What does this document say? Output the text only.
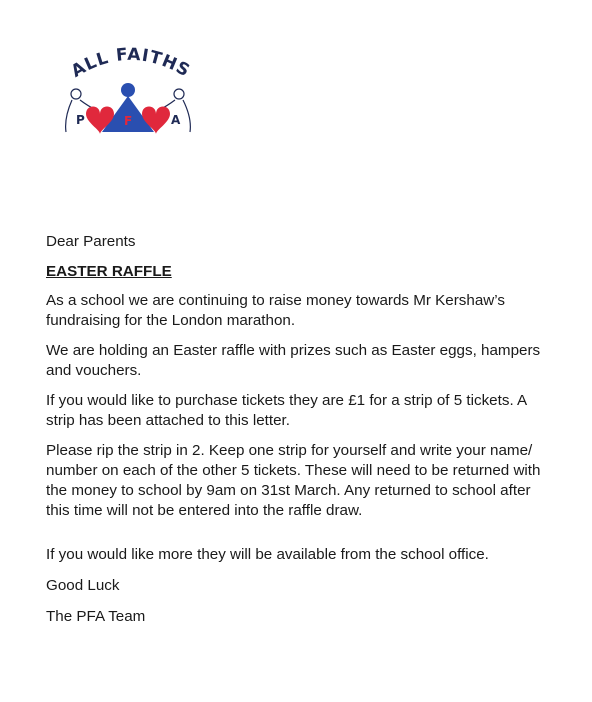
ALL FAITHS
P	F	A

Dear Parents

EASTER RAFFLE

As a school we are continuing to raise money towards Mr Kershaw’s fundraising for the London marathon.

We are holding an Easter raffle with prizes such as Easter eggs, hampers and vouchers.

If you would like to purchase tickets they are £1 for a strip of 5 tickets. A strip has been attached to this letter.

Please rip the strip in 2. Keep one strip for yourself and write your name/ number on each of the other 5 tickets. These will need to be returned with the money to school by 9am on 31st March. Any returned to school after this time will not be entered into the raffle draw.

If you would like more they will be available from the school office.

Good Luck

The PFA Team
